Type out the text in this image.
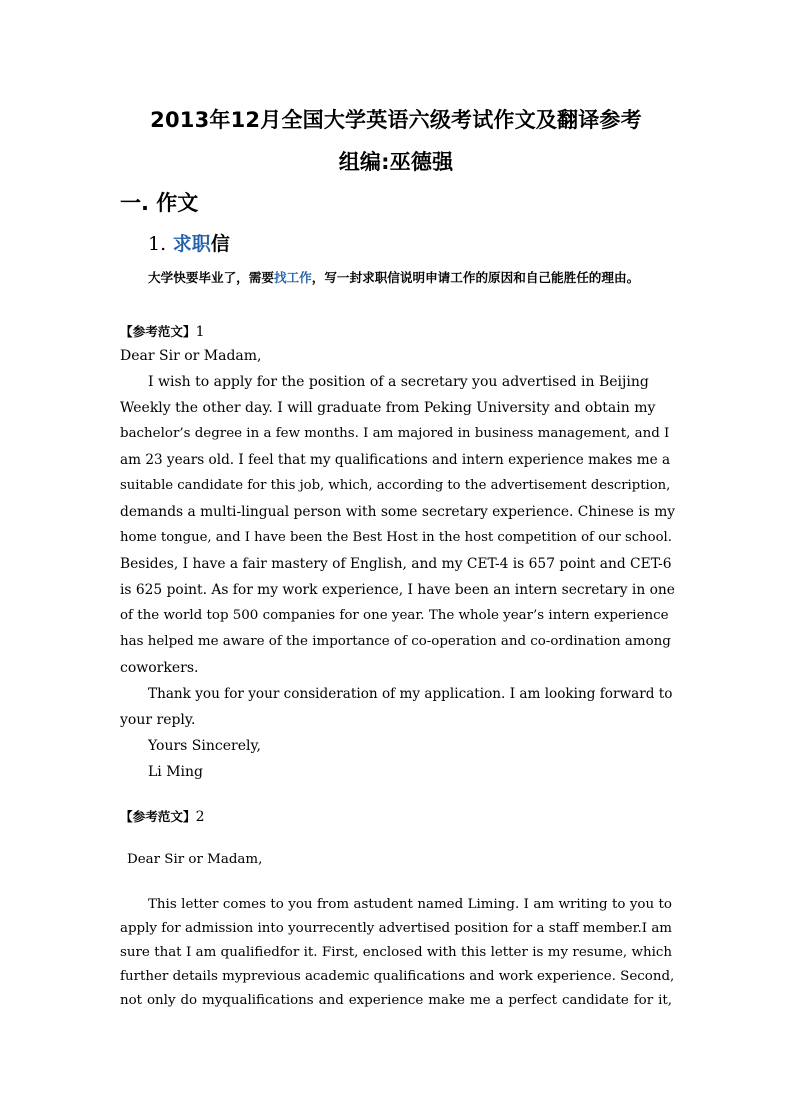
2013年12月全国大学英语六级考试作文及翻译参考
组编:巫德强
一. 作文
1. 求职信
大学快要毕业了，需要找工作，写一封求职信说明申请工作的原因和自己能胜任的理由。
【参考范文】1
Dear Sir or Madam,
I wish to apply for the position of a secretary you advertised in Beijing
Weekly the other day. I will graduate from Peking University and obtain my
bachelor’s degree in a few months. I am majored in business management, and I
am 23 years old. I feel that my qualifications and intern experience makes me a
suitable candidate for this job, which, according to the advertisement description,
demands a multi-lingual person with some secretary experience. Chinese is my
home tongue, and I have been the Best Host in the host competition of our school.
Besides, I have a fair mastery of English, and my CET-4 is 657 point and CET-6
is 625 point. As for my work experience, I have been an intern secretary in one
of the world top 500 companies for one year. The whole year’s intern experience
has helped me aware of the importance of co-operation and co-ordination among
coworkers.
Thank you for your consideration of my application. I am looking forward to
your reply.
Yours Sincerely,
Li Ming
【参考范文】2
Dear Sir or Madam,
This letter comes to you from astudent named Liming. I am writing to you to
apply for admission into yourrecently advertised position for a staff member.I am
sure that I am qualifiedfor it. First, enclosed with this letter is my resume, which
further details myprevious academic qualifications and work experience. Second,
not only do myqualifications and experience make me a perfect candidate for it,
